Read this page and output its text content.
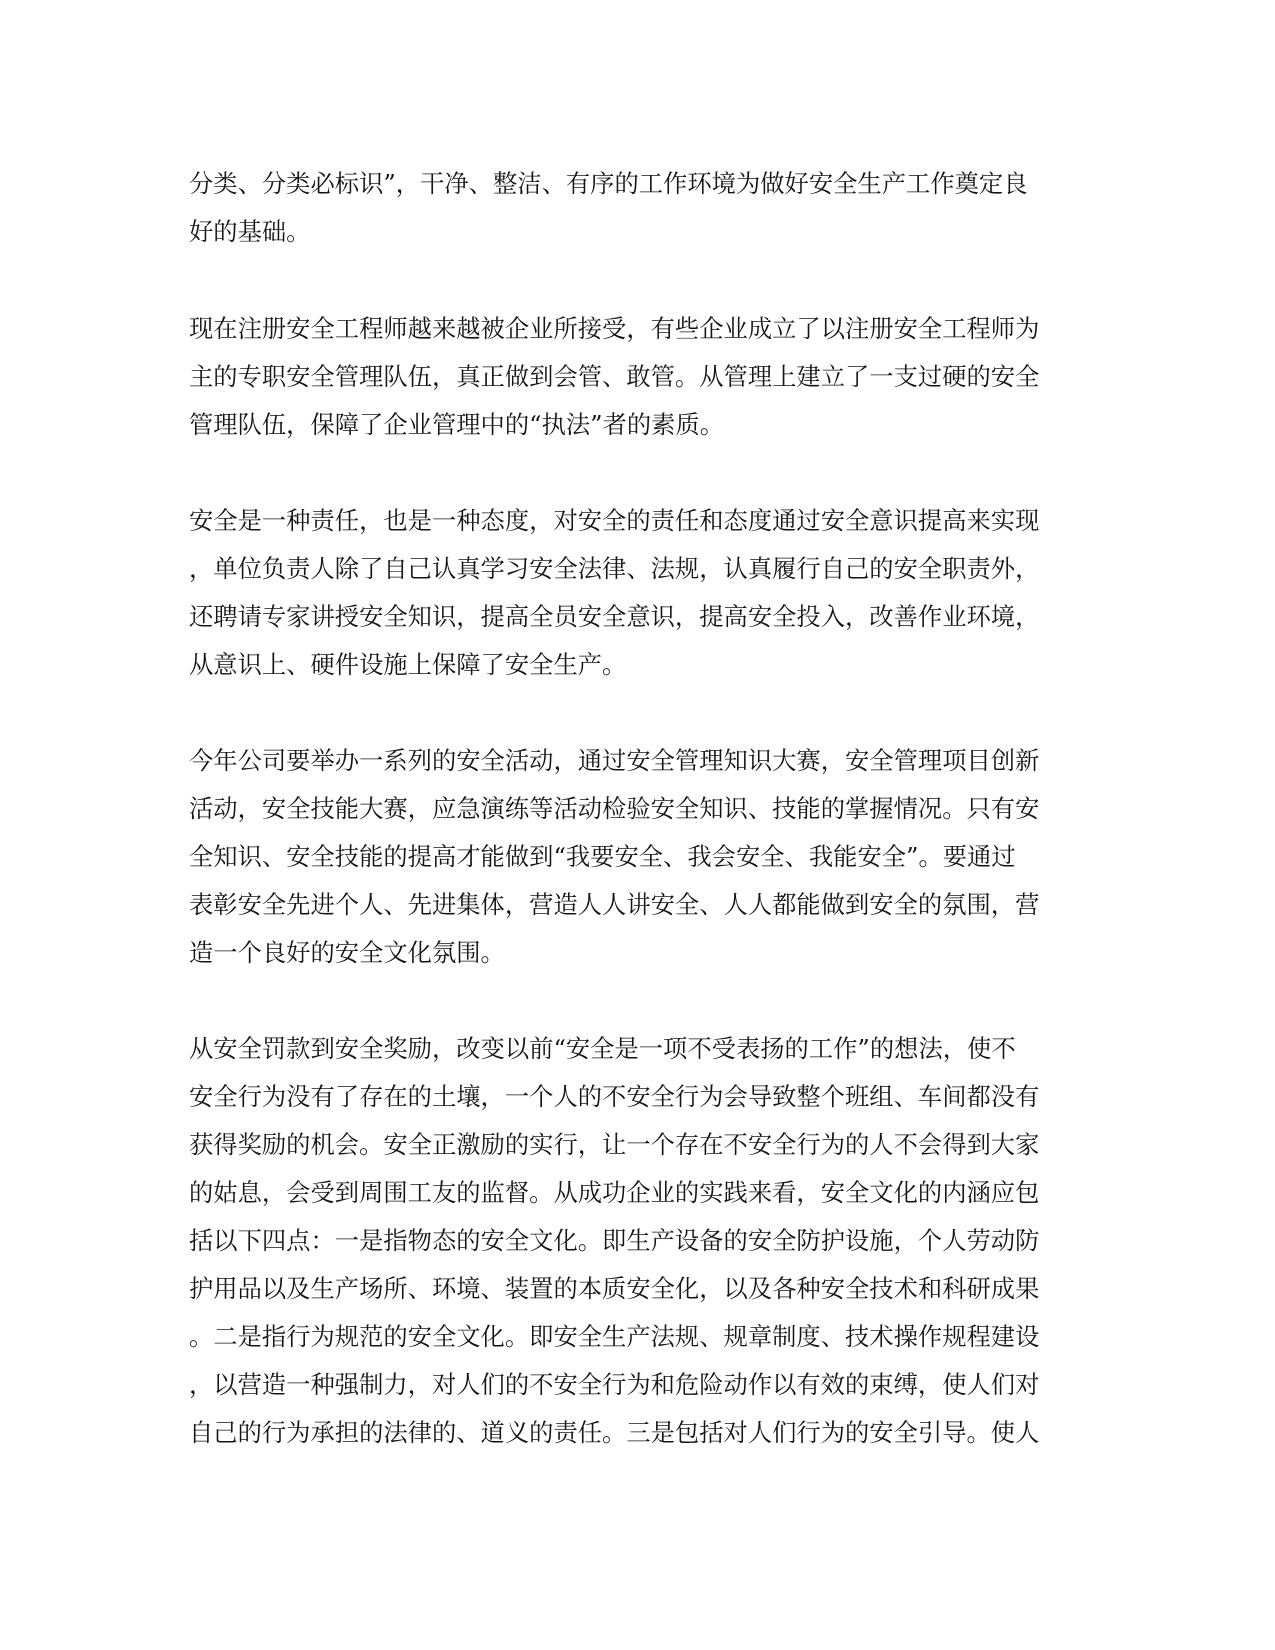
分类、分类必标识”，干净、整洁、有序的工作环境为做好安全生产工作奠定良
好的基础。

现在注册安全工程师越来越被企业所接受，有些企业成立了以注册安全工程师为
主的专职安全管理队伍，真正做到会管、敢管。从管理上建立了一支过硬的安全
管理队伍，保障了企业管理中的“执法”者的素质。

安全是一种责任，也是一种态度，对安全的责任和态度通过安全意识提高来实现
，单位负责人除了自己认真学习安全法律、法规，认真履行自己的安全职责外，
还聘请专家讲授安全知识，提高全员安全意识，提高安全投入，改善作业环境，
从意识上、硬件设施上保障了安全生产。

今年公司要举办一系列的安全活动，通过安全管理知识大赛，安全管理项目创新
活动，安全技能大赛，应急演练等活动检验安全知识、技能的掌握情况。只有安
全知识、安全技能的提高才能做到“我要安全、我会安全、我能安全”。要通过
表彰安全先进个人、先进集体，营造人人讲安全、人人都能做到安全的氛围，营
造一个良好的安全文化氛围。

从安全罚款到安全奖励，改变以前“安全是一项不受表扬的工作”的想法，使不
安全行为没有了存在的土壤，一个人的不安全行为会导致整个班组、车间都没有
获得奖励的机会。安全正激励的实行，让一个存在不安全行为的人不会得到大家
的姑息，会受到周围工友的监督。从成功企业的实践来看，安全文化的内涵应包
括以下四点：一是指物态的安全文化。即生产设备的安全防护设施，个人劳动防
护用品以及生产场所、环境、装置的本质安全化，以及各种安全技术和科研成果
。二是指行为规范的安全文化。即安全生产法规、规章制度、技术操作规程建设
，以营造一种强制力，对人们的不安全行为和危险动作以有效的束缚，使人们对
自己的行为承担的法律的、道义的责任。三是包括对人们行为的安全引导。使人
